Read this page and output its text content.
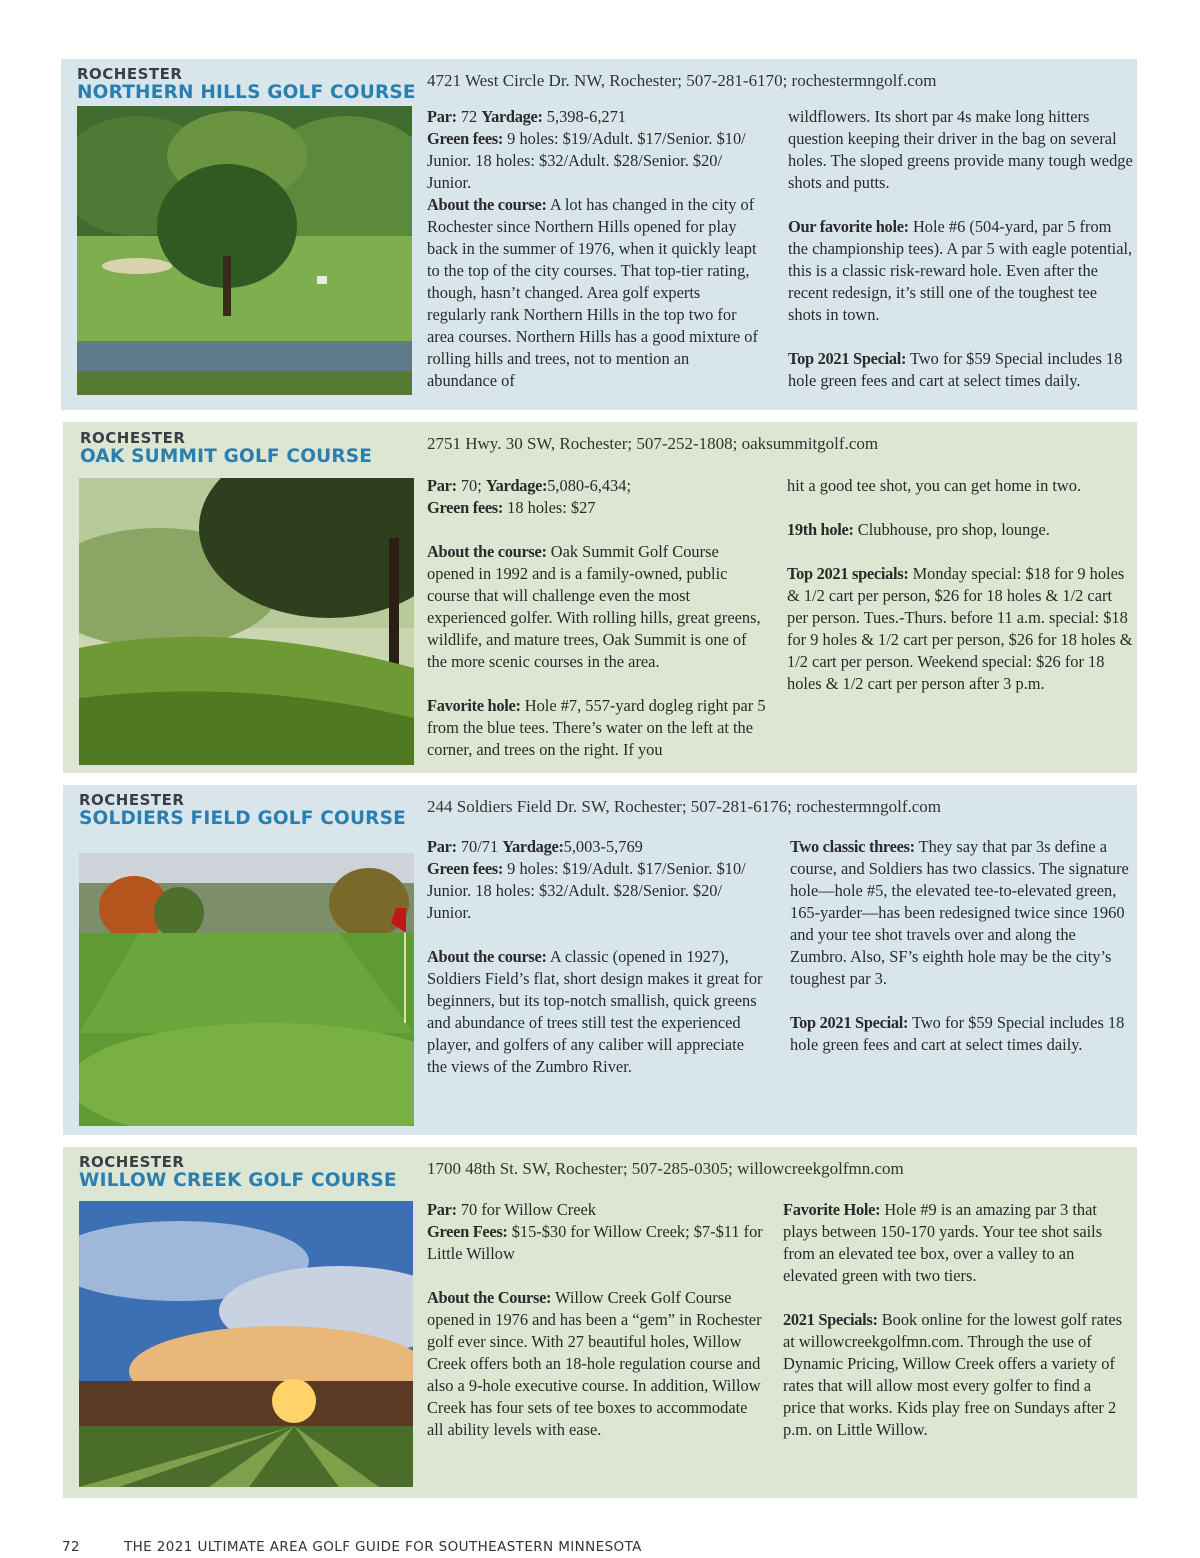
ROCHESTER
NORTHERN HILLS GOLF COURSE
4721 West Circle Dr. NW, Rochester; 507-281-6170; rochestermngolf.com

Par: 72 Yardage: 5,398-6,271

Green fees: 9 holes: $19/Adult. $17/Senior. $10/ Junior. 18 holes: $32/Adult. $28/Senior. $20/ Junior.

About the course: A lot has changed in the city of Rochester since Northern Hills opened for play back in the summer of 1976, when it quickly leapt to the top of the city courses. That top-tier rating, though, hasn’t changed. Area golf experts regularly rank Northern Hills in the top two for area courses. Northern Hills has a good mixture of rolling hills and trees, not to mention an abundance of

wildflowers. Its short par 4s make long hitters question keeping their driver in the bag on several holes. The sloped greens provide many tough wedge shots and putts.

Our favorite hole: Hole #6 (504-yard, par 5 from the championship tees). A par 5 with eagle potential, this is a classic risk-reward hole. Even after the recent redesign, it’s still one of the toughest tee shots in town.

Top 2021 Special: Two for $59 Special includes 18 hole green fees and cart at select times daily.

ROCHESTER
OAK SUMMIT GOLF COURSE
2751 Hwy. 30 SW, Rochester; 507-252-1808; oaksummitgolf.com

Par: 70; Yardage:5,080-6,434;

Green fees: 18 holes: $27

About the course: Oak Summit Golf Course opened in 1992 and is a family-owned, public course that will challenge even the most experienced golfer. With rolling hills, great greens, wildlife, and mature trees, Oak Summit is one of the more scenic courses in the area.

Favorite hole: Hole #7, 557-yard dogleg right par 5 from the blue tees. There’s water on the left at the corner, and trees on the right. If you

hit a good tee shot, you can get home in two.

19th hole: Clubhouse, pro shop, lounge.

Top 2021 specials: Monday special: $18 for 9 holes & 1/2 cart per person, $26 for 18 holes & 1/2 cart per person. Tues.-Thurs. before 11 a.m. special: $18 for 9 holes & 1/2 cart per person, $26 for 18 holes & 1/2 cart per person. Weekend special: $26 for 18 holes & 1/2 cart per person after 3 p.m.

ROCHESTER
SOLDIERS FIELD GOLF COURSE
244 Soldiers Field Dr. SW, Rochester; 507-281-6176; rochestermngolf.com

Par: 70/71 Yardage:5,003-5,769

Green fees: 9 holes: $19/Adult. $17/Senior. $10/ Junior. 18 holes: $32/Adult. $28/Senior. $20/ Junior.

About the course: A classic (opened in 1927), Soldiers Field’s flat, short design makes it great for beginners, but its top-notch smallish, quick greens and abundance of trees still test the experienced player, and golfers of any caliber will appreciate the views of the Zumbro River.

Two classic threes: They say that par 3s define a course, and Soldiers has two classics. The signature hole—hole #5, the elevated tee-to-elevated green, 165-yarder—has been redesigned twice since 1960 and your tee shot travels over and along the Zumbro. Also, SF’s eighth hole may be the city’s toughest par 3.

Top 2021 Special: Two for $59 Special includes 18 hole green fees and cart at select times daily.

ROCHESTER
WILLOW CREEK GOLF COURSE
1700 48th St. SW, Rochester; 507-285-0305; willowcreekgolfmn.com

Par: 70 for Willow Creek

Green Fees: $15-$30 for Willow Creek; $7-$11 for Little Willow

About the Course: Willow Creek Golf Course opened in 1976 and has been a “gem” in Rochester golf ever since. With 27 beautiful holes, Willow Creek offers both an 18-hole regulation course and also a 9-hole executive course. In addition, Willow Creek has four sets of tee boxes to accommodate all ability levels with ease.

Favorite Hole: Hole #9 is an amazing par 3 that plays between 150-170 yards. Your tee shot sails from an elevated tee box, over a valley to an elevated green with two tiers.

2021 Specials: Book online for the lowest golf rates at willowcreekgolfmn.com. Through the use of Dynamic Pricing, Willow Creek offers a variety of rates that will allow most every golfer to find a price that works. Kids play free on Sundays after 2 p.m. on Little Willow.

72	THE 2021 ULTIMATE AREA GOLF GUIDE FOR SOUTHEASTERN MINNESOTA
